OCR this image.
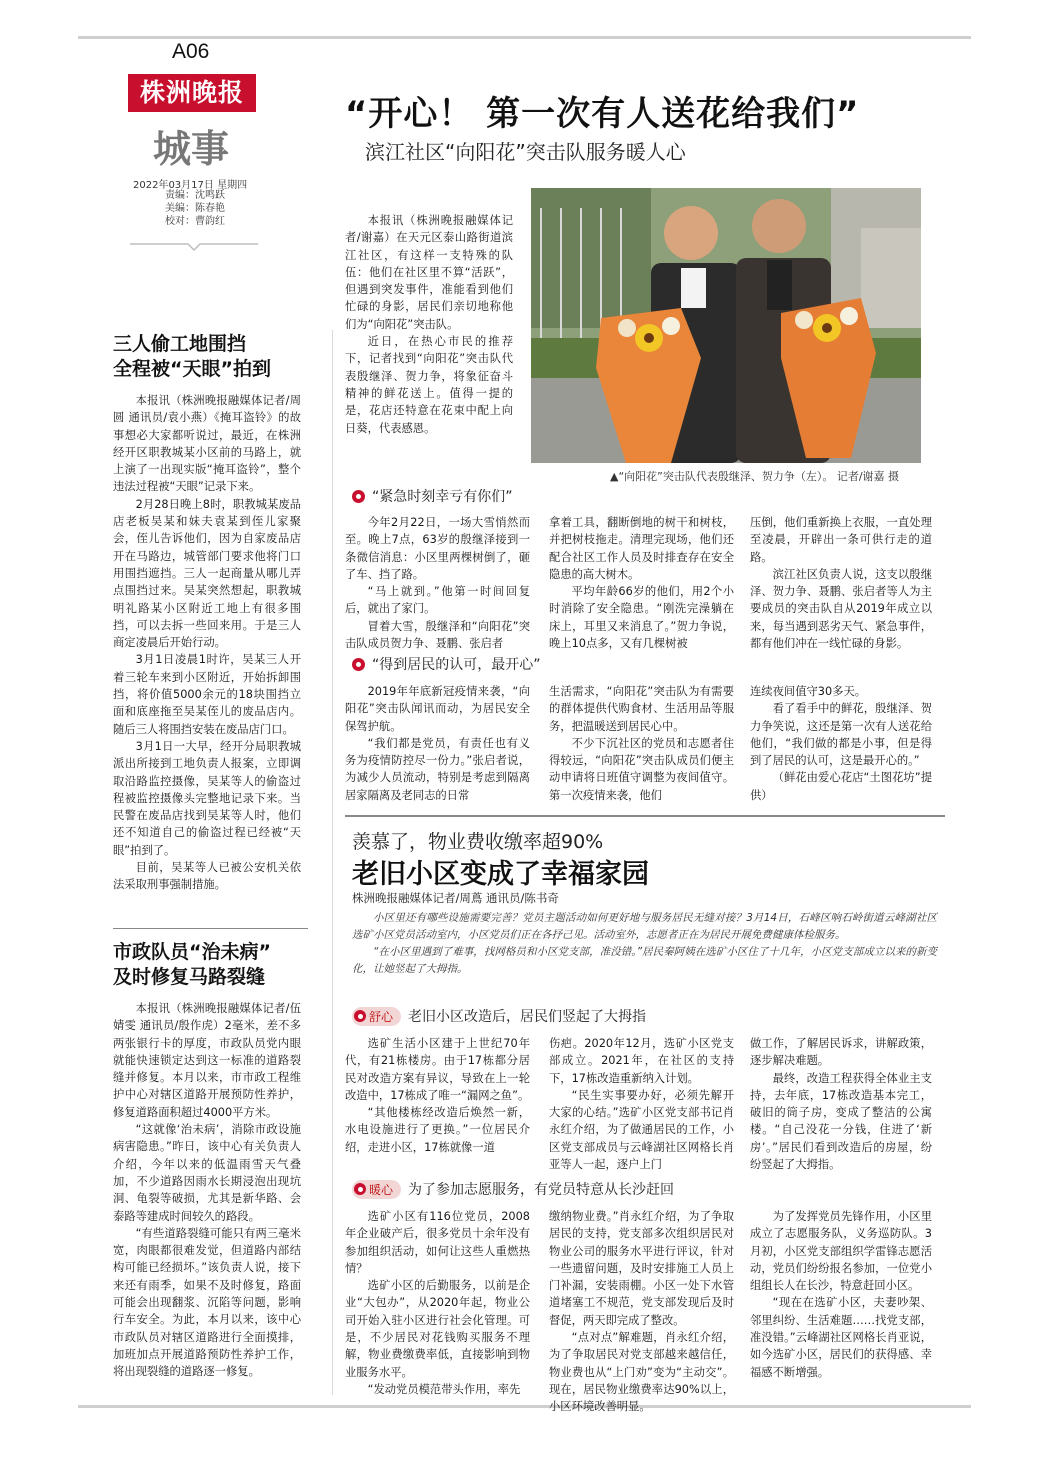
A06
株洲晚报
城事
2022年03月17日 星期四
责编：沈鸣跃
美编：陈春艳
校对：曹韵红
三人偷工地围挡
全程被“天眼”拍到

本报讯（株洲晚报融媒体记者/周圆 通讯员/袁小燕）《掩耳盗铃》的故事想必大家都听说过，最近，在株洲经开区职教城某小区前的马路上，就上演了一出现实版“掩耳盗铃”，整个违法过程被“天眼”记录下来。

2月28日晚上8时，职教城某废品店老板吴某和妹夫袁某到侄儿家聚会，侄儿告诉他们，因为自家废品店开在马路边，城管部门要求他将门口用围挡遮挡。三人一起商量从哪儿弄点围挡过来。吴某突然想起，职教城明礼路某小区附近工地上有很多围挡，可以去拆一些回来用。于是三人商定凌晨后开始行动。

3月1日凌晨1时许，吴某三人开着三轮车来到小区附近，开始拆卸围挡，将价值5000余元的18块围挡立面和底座拖至吴某侄儿的废品店内。随后三人将围挡安装在废品店门口。

3月1日一大早，经开分局职教城派出所接到工地负责人报案，立即调取沿路监控摄像，吴某等人的偷盗过程被监控摄像头完整地记录下来。当民警在废品店找到吴某等人时，他们还不知道自己的偷盗过程已经被“天眼”拍到了。

目前，吴某等人已被公安机关依法采取刑事强制措施。

市政队员“治未病”
及时修复马路裂缝

本报讯（株洲晚报融媒体记者/伍婧雯 通讯员/殷作虎）2毫米，差不多两张银行卡的厚度，市政队员党内眼就能快速锁定达到这一标准的道路裂缝并修复。本月以来，市市政工程维护中心对辖区道路开展预防性养护，修复道路面积超过4000平方米。

“这就像‘治未病’，消除市政设施病害隐患。”昨日，该中心有关负责人介绍，今年以来的低温雨雪天气叠加，不少道路因雨水长期浸泡出现坑洞、龟裂等破损，尤其是新华路、会泰路等建成时间较久的路段。

“有些道路裂缝可能只有两三毫米宽，肉眼都很难发觉，但道路内部结构可能已经损坏。”该负责人说，接下来还有雨季，如果不及时修复，路面可能会出现翻浆、沉陷等问题，影响行车安全。为此，本月以来，该中心市政队员对辖区道路进行全面摸排，加班加点开展道路预防性养护工作，将出现裂缝的道路逐一修复。

“开心！ 第一次有人送花给我们”
滨江社区“向阳花”突击队服务暖人心

本报讯（株洲晚报融媒体记者/谢嘉）在天元区泰山路街道滨江社区，有这样一支特殊的队伍：他们在社区里不算“活跃”，但遇到突发事件，准能看到他们忙碌的身影，居民们亲切地称他们为“向阳花”突击队。

近日，在热心市民的推荐下，记者找到“向阳花”突击队代表殷继泽、贺力争，将象征奋斗精神的鲜花送上。值得一提的是，花店还特意在花束中配上向日葵，代表感恩。

▲“向阳花”突击队代表殷继泽、贺力争（左）。 记者/谢嘉 摄
“紧急时刻幸亏有你们”

今年2月22日，一场大雪悄然而至。晚上7点，63岁的殷继泽接到一条微信消息：小区里两棵树倒了，砸了车、挡了路。

“马上就到。”他第一时间回复后，就出了家门。

冒着大雪，殷继泽和“向阳花”突击队成员贺力争、聂鹏、张启者

拿着工具，翻断倒地的树干和树枝，并把树枝拖走。清理完现场，他们还配合社区工作人员及时排查存在安全隐患的高大树木。

平均年龄66岁的他们，用2个小时消除了安全隐患。“刚洗完澡躺在床上，耳里又来消息了。”贺力争说，晚上10点多，又有几棵树被

压倒，他们重新换上衣服，一直处理至凌晨，开辟出一条可供行走的道路。

滨江社区负责人说，这支以殷继泽、贺力争、聂鹏、张启者等人为主要成员的突击队自从2019年成立以来，每当遇到恶劣天气、紧急事件，都有他们冲在一线忙碌的身影。

“得到居民的认可，最开心”

2019年年底新冠疫情来袭，“向阳花”突击队闻讯而动，为居民安全保驾护航。

“我们都是党员，有责任也有义务为疫情防控尽一份力。”张启者说，为减少人员流动，特别是考虑到隔离居家隔离及老同志的日常

生活需求，“向阳花”突击队为有需要的群体提供代购食材、生活用品等服务，把温暖送到居民心中。

不少下沉社区的党员和志愿者住得较远，“向阳花”突击队成员们便主动申请将日班值守调整为夜间值守。第一次疫情来袭，他们

连续夜间值守30多天。

看了看手中的鲜花，殷继泽、贺力争笑说，这还是第一次有人送花给他们，“我们做的都是小事，但是得到了居民的认可，这是最开心的。”

（鲜花由爱心花店“土图花坊”提供）

羡慕了，物业费收缴率超90%
老旧小区变成了幸福家园
株洲晚报融媒体记者/周蔦 通讯员/陈书奇

小区里还有哪些设施需要完善？党员主题活动如何更好地与服务居民无缝对接？3月14日，石峰区响石岭街道云峰湖社区选矿小区党员活动室内，小区党员们正在各抒己见。活动室外，志愿者正在为居民开展免费健康体检服务。

“在小区里遇到了难事，找网格员和小区党支部，准没错。”居民秦阿姨在选矿小区住了十几年，小区党支部成立以来的新变化，让她竖起了大拇指。

舒心 老旧小区改造后，居民们竖起了大拇指

选矿生活小区建于上世纪70年代，有21栋楼房。由于17栋都分居民对改造方案有异议，导致在上一轮改造中，17栋成了唯一“漏网之鱼”。

“其他楼栋经改造后焕然一新，水电设施进行了更换。”一位居民介绍，走进小区，17栋就像一道

伤疤。2020年12月，选矿小区党支部成立。2021年，在社区的支持下，17栋改造重新纳入计划。

“民生实事要办好，必须先解开大家的心结。”选矿小区党支部书记肖永红介绍，为了做通居民的工作，小区党支部成员与云峰湖社区网格长肖亚等人一起，逐户上门

做工作，了解居民诉求，讲解政策，逐步解决难题。

最终，改造工程获得全体业主支持，去年底，17栋改造基本完工，破旧的筒子房，变成了整洁的公寓楼。“自己没花一分钱，住进了‘新房’。”居民们看到改造后的房屋，纷纷竖起了大拇指。

暖心 为了参加志愿服务，有党员特意从长沙赶回

选矿小区有116位党员，2008年企业破产后，很多党员十余年没有参加组织活动，如何让这些人重燃热情？

选矿小区的后勤服务，以前是企业“大包办”，从2020年起，物业公司开始入驻小区进行社会化管理。可是，不少居民对花钱购买服务不理解，物业费缴费率低，直接影响到物业服务水平。

“发动党员模范带头作用，率先

缴纳物业费。”肖永红介绍，为了争取居民的支持，党支部多次组织居民对物业公司的服务水平进行评议，针对一些遗留问题，及时安排施工人员上门补漏，安装雨棚。小区一处下水管道堵塞工不规范，党支部发现后及时督促，两天即完成了整改。

“点对点”解难题，肖永红介绍，为了争取居民对党支部越来越信任，物业费也从“上门劝”变为“主动交”。现在，居民物业缴费率达90%以上，小区环境改善明显。

为了发挥党员先锋作用，小区里成立了志愿服务队，义务巡防队。3月初，小区党支部组织学雷锋志愿活动，党员们纷纷报名参加，一位党小组组长人在长沙，特意赶回小区。

“现在在选矿小区，夫妻吵架、邻里纠纷、生活难题……找党支部，准没错。”云峰湖社区网格长肖亚说，如今选矿小区，居民们的获得感、幸福感不断增强。
